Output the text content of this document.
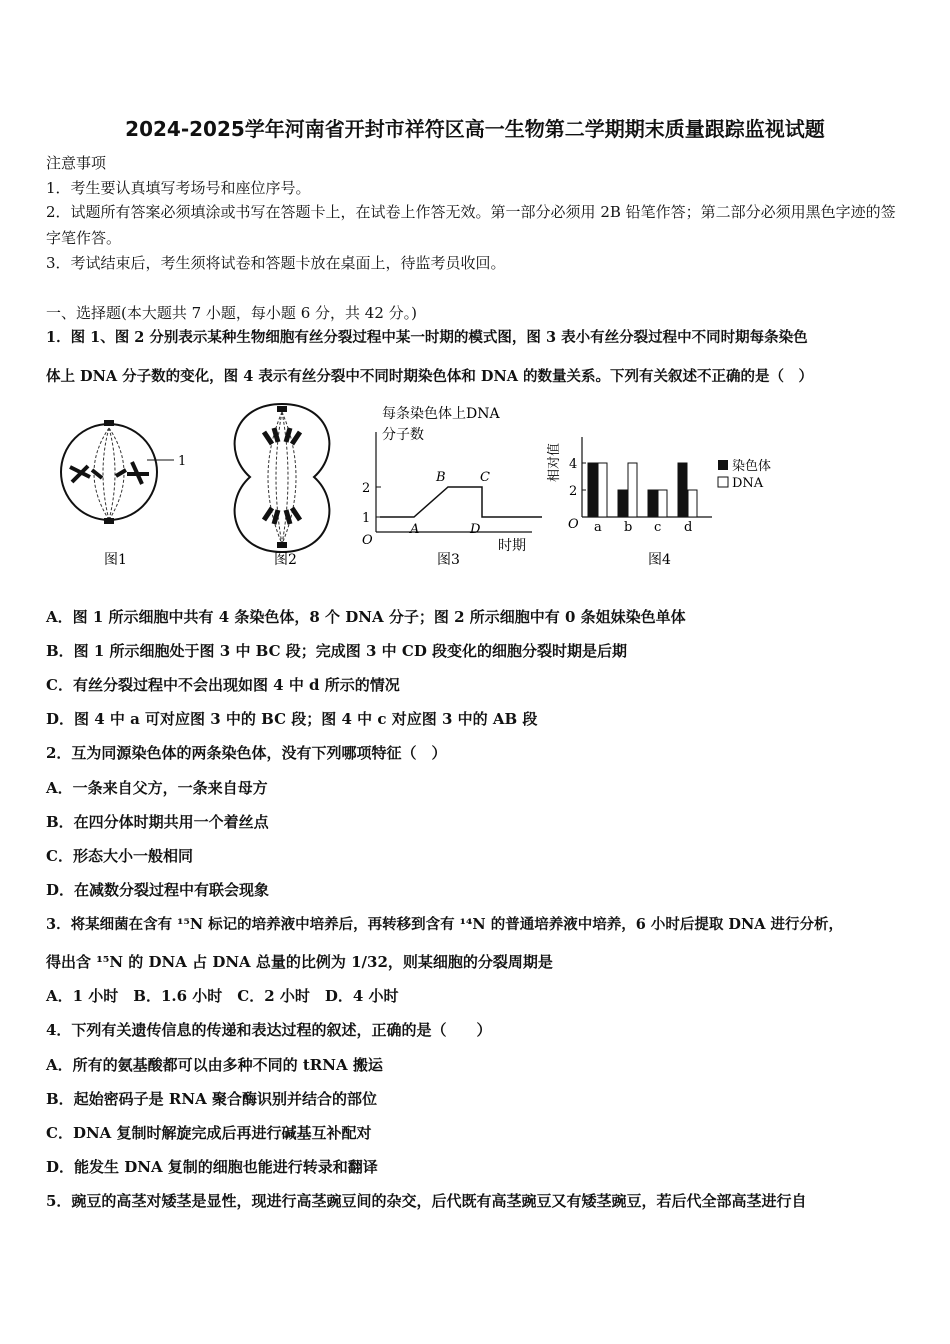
2024-2025学年河南省开封市祥符区高一生物第二学期期末质量跟踪监视试题
注意事项
1．考生要认真填写考场号和座位序号。
2．试题所有答案必须填涂或书写在答题卡上，在试卷上作答无效。第一部分必须用 2B 铅笔作答；第二部分必须用黑色字迹的签字笔作答。
3．考试结束后，考生须将试卷和答题卡放在桌面上，待监考员收回。
一、选择题(本大题共 7 小题，每小题 6 分，共 42 分。)
1．图 1、图 2 分别表示某种生物细胞有丝分裂过程中某一时期的模式图，图 3 表小有丝分裂过程中不同时期每条染色
体上 DNA 分子数的变化，图 4 表示有丝分裂中不同时期染色体和 DNA 的数量关系。下列有关叙述不正确的是（　）
1
图1	图2
每条染色体上DNA
分子数
时期
O
1
2
A
B	C
D
图3
a b c d
2
4
相对值
O
染色体
DNA
图4
A．图 1 所示细胞中共有 4 条染色体，8 个 DNA 分子；图 2 所示细胞中有 0 条姐妹染色单体
B．图 1 所示细胞处于图 3 中 BC 段；完成图 3 中 CD 段变化的细胞分裂时期是后期
C．有丝分裂过程中不会出现如图 4 中 d 所示的情况
D．图 4 中 a 可对应图 3 中的 BC 段；图 4 中 c 对应图 3 中的 AB 段
2．互为同源染色体的两条染色体，没有下列哪项特征（　）
A．一条来自父方，一条来自母方
B．在四分体时期共用一个着丝点
C．形态大小一般相同
D．在减数分裂过程中有联会现象
3．将某细菌在含有 ¹⁵N 标记的培养液中培养后，再转移到含有 ¹⁴N 的普通培养液中培养，6 小时后提取 DNA 进行分析，
得出含 ¹⁵N 的 DNA 占 DNA 总量的比例为 1/32，则某细胞的分裂周期是
A．1 小时　B．1.6 小时　C．2 小时　D．4 小时
4．下列有关遗传信息的传递和表达过程的叙述，正确的是（　　）
A．所有的氨基酸都可以由多种不同的 tRNA 搬运
B．起始密码子是 RNA 聚合酶识别并结合的部位
C．DNA 复制时解旋完成后再进行碱基互补配对
D．能发生 DNA 复制的细胞也能进行转录和翻译
5．豌豆的高茎对矮茎是显性，现进行高茎豌豆间的杂交，后代既有高茎豌豆又有矮茎豌豆，若后代全部高茎进行自
